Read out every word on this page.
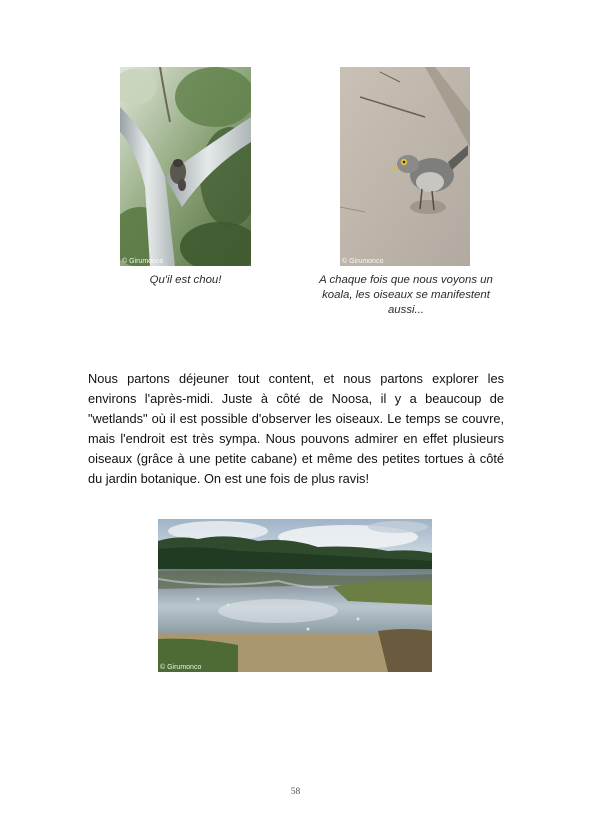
© Girumonco	© Girumonco
Qu'il est chou!	A chaque fois que nous voyons un koala, les oiseaux se manifestent aussi...

Nous partons déjeuner tout content, et nous partons explorer les environs l'après-midi. Juste à côté de Noosa, il y a beaucoup de "wetlands" où il est possible d'observer les oiseaux. Le temps se couvre, mais l'endroit est très sympa. Nous pouvons admirer en effet plusieurs oiseaux (grâce à une petite cabane) et même des petites tortues à côté du jardin botanique. On est une fois de plus ravis!

© Girumonco
58
